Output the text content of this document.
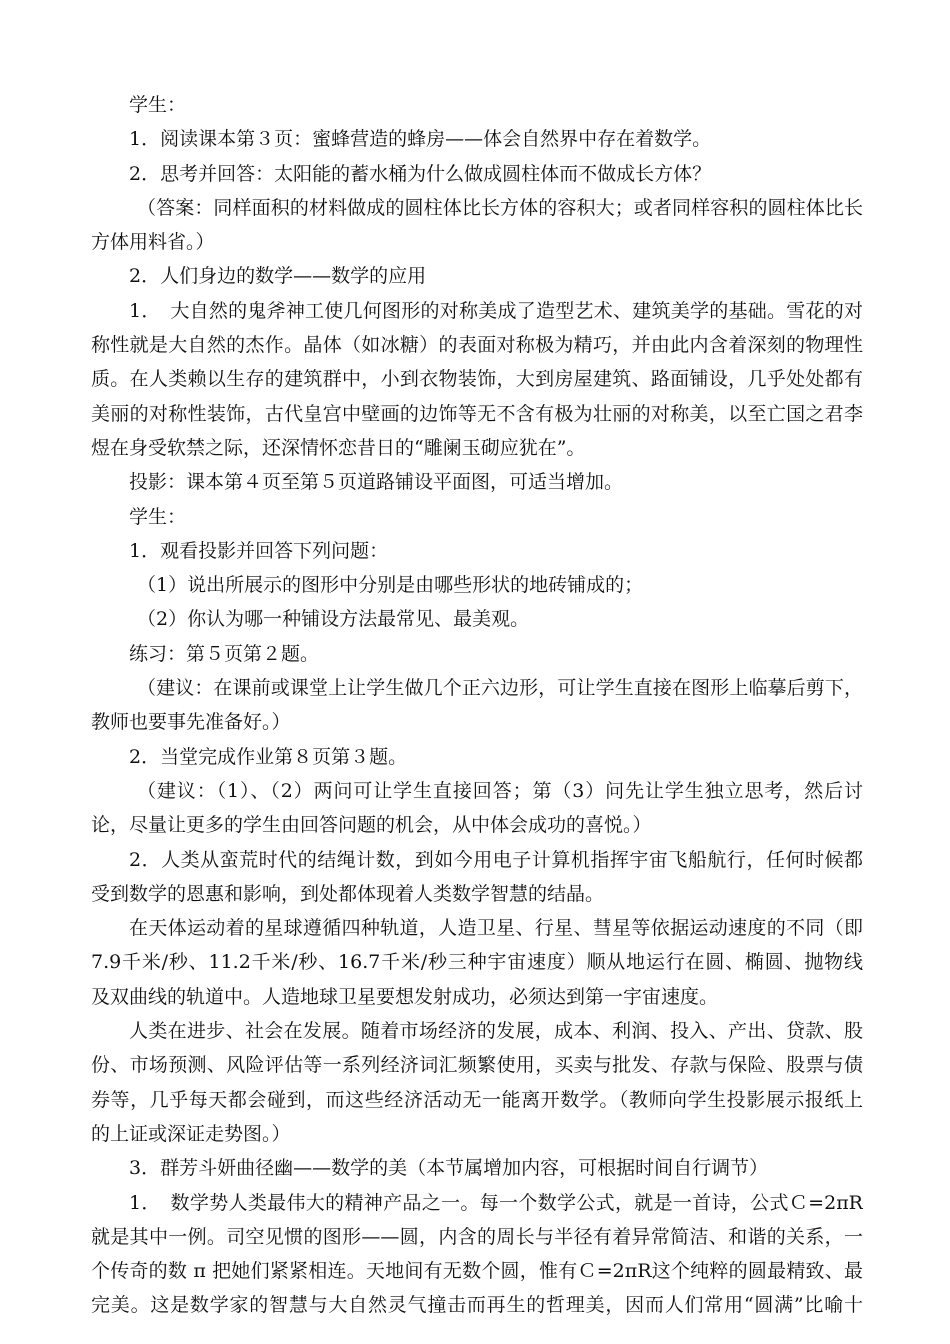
学生：
1．阅读课本第３页：蜜蜂营造的蜂房——体会自然界中存在着数学。
2．思考并回答：太阳能的蓄水桶为什么做成圆柱体而不做成长方体？
（答案：同样面积的材料做成的圆柱体比长方体的容积大；或者同样容积的圆柱体比长
方体用料省。）
2．人们身边的数学——数学的应用
1．　大自然的鬼斧神工使几何图形的对称美成了造型艺术、建筑美学的基础。雪花的对
称性就是大自然的杰作。晶体（如冰糖）的表面对称极为精巧，并由此内含着深刻的物理性
质。在人类赖以生存的建筑群中，小到衣物装饰，大到房屋建筑、路面铺设，几乎处处都有
美丽的对称性装饰，古代皇宫中壁画的边饰等无不含有极为壮丽的对称美，以至亡国之君李
煜在身受软禁之际，还深情怀恋昔日的“雕阑玉砌应犹在”。
投影：课本第４页至第５页道路铺设平面图，可适当增加。
学生：
1．观看投影并回答下列问题：
（1）说出所展示的图形中分别是由哪些形状的地砖铺成的；
（2）你认为哪一种铺设方法最常见、最美观。
练习：第５页第２题。
（建议：在课前或课堂上让学生做几个正六边形，可让学生直接在图形上临摹后剪下，
教师也要事先准备好。）
2．当堂完成作业第８页第３题。
（建议：（1）、（2）两问可让学生直接回答；第（3）问先让学生独立思考，然后讨
论，尽量让更多的学生由回答问题的机会，从中体会成功的喜悦。）
2．人类从蛮荒时代的结绳计数，到如今用电子计算机指挥宇宙飞船航行，任何时候都
受到数学的恩惠和影响，到处都体现着人类数学智慧的结晶。
在天体运动着的星球遵循四种轨道，人造卫星、行星、彗星等依据运动速度的不同（即
7.9千米/秒、11.2千米/秒、16.7千米/秒三种宇宙速度）顺从地运行在圆、椭圆、抛物线
及双曲线的轨道中。人造地球卫星要想发射成功，必须达到第一宇宙速度。
人类在进步、社会在发展。随着市场经济的发展，成本、利润、投入、产出、贷款、股
份、市场预测、风险评估等一系列经济词汇频繁使用，买卖与批发、存款与保险、股票与债
券等，几乎每天都会碰到，而这些经济活动无一能离开数学。（教师向学生投影展示报纸上
的上证或深证走势图。）
3．群芳斗妍曲径幽——数学的美（本节属增加内容，可根据时间自行调节）
1．　数学势人类最伟大的精神产品之一。每一个数学公式，就是一首诗，公式Ｃ=2πR
就是其中一例。司空见惯的图形——圆，内含的周长与半径有着异常简洁、和谐的关系，一
个传奇的数 π 把她们紧紧相连。天地间有无数个圆，惟有Ｃ=2πR这个纯粹的圆最精致、最
完美。这是数学家的智慧与大自然灵气撞击而再生的哲理美，因而人们常用“圆满”比喻十
